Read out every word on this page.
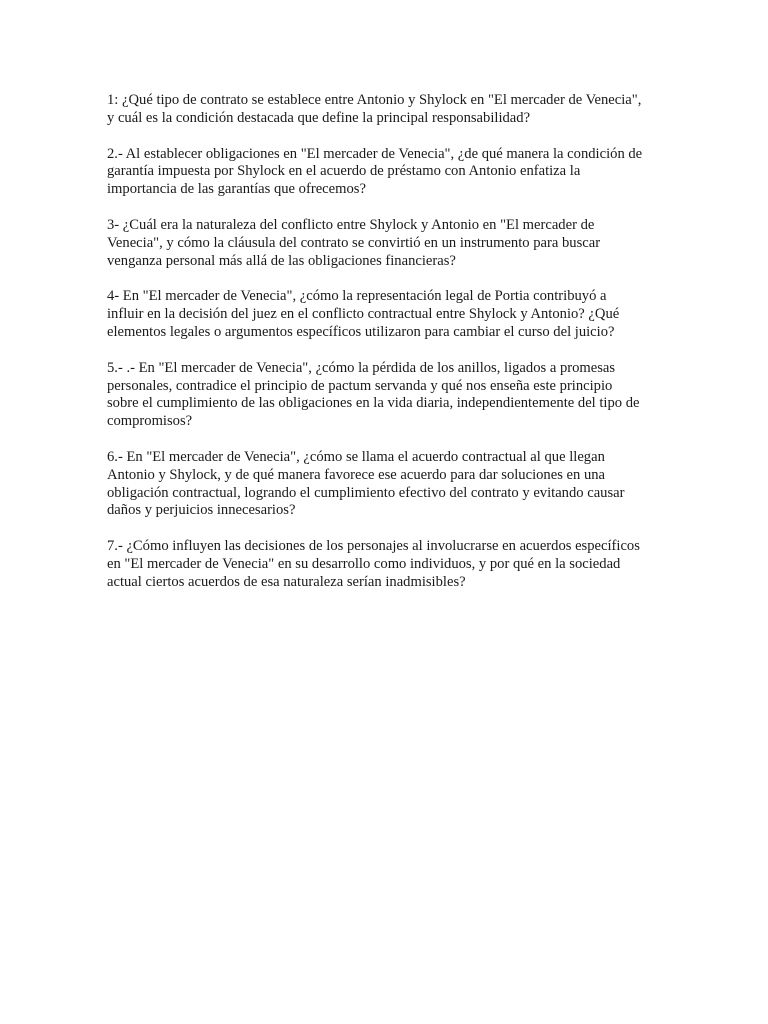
1: ¿Qué tipo de contrato se establece entre Antonio y Shylock en "El mercader de Venecia",
y cuál es la condición destacada que define la principal responsabilidad?

2.- Al establecer obligaciones en "El mercader de Venecia", ¿de qué manera la condición de
garantía impuesta por Shylock en el acuerdo de préstamo con Antonio enfatiza la
importancia de las garantías que ofrecemos?

3- ¿Cuál era la naturaleza del conflicto entre Shylock y Antonio en "El mercader de
Venecia", y cómo la cláusula del contrato se convirtió en un instrumento para buscar
venganza personal más allá de las obligaciones financieras?

4- En "El mercader de Venecia", ¿cómo la representación legal de Portia contribuyó a
influir en la decisión del juez en el conflicto contractual entre Shylock y Antonio? ¿Qué
elementos legales o argumentos específicos utilizaron para cambiar el curso del juicio?

5.- .- En "El mercader de Venecia", ¿cómo la pérdida de los anillos, ligados a promesas
personales, contradice el principio de pactum servanda y qué nos enseña este principio
sobre el cumplimiento de las obligaciones en la vida diaria, independientemente del tipo de
compromisos?

6.- En "El mercader de Venecia", ¿cómo se llama el acuerdo contractual al que llegan
Antonio y Shylock, y de qué manera favorece ese acuerdo para dar soluciones en una
obligación contractual, logrando el cumplimiento efectivo del contrato y evitando causar
daños y perjuicios innecesarios?

7.- ¿Cómo influyen las decisiones de los personajes al involucrarse en acuerdos específicos
en "El mercader de Venecia" en su desarrollo como individuos, y por qué en la sociedad
actual ciertos acuerdos de esa naturaleza serían inadmisibles?
